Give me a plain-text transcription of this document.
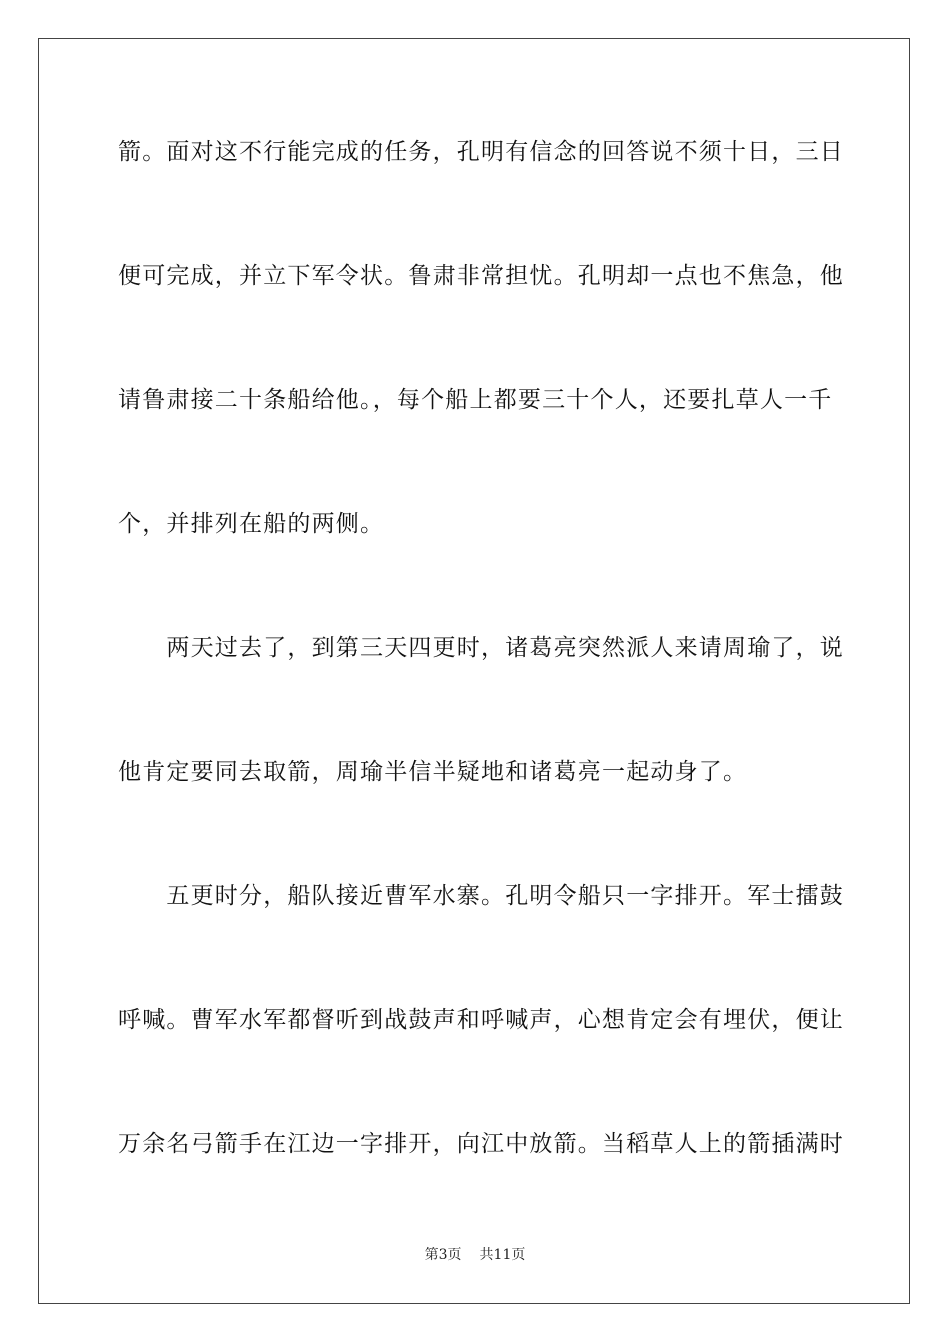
箭。面对这不行能完成的任务，孔明有信念的回答说不须十日，三日
便可完成，并立下军令状。鲁肃非常担忧。孔明却一点也不焦急，他
请鲁肃接二十条船给他。，每个船上都要三十个人，还要扎草人一千
个，并排列在船的两侧。
　　两天过去了，到第三天四更时，诸葛亮突然派人来请周瑜了，说
他肯定要同去取箭，周瑜半信半疑地和诸葛亮一起动身了。
　　五更时分，船队接近曹军水寨。孔明令船只一字排开。军士擂鼓
呼喊。曹军水军都督听到战鼓声和呼喊声，心想肯定会有埋伏，便让
万余名弓箭手在江边一字排开，向江中放箭。当稻草人上的箭插满时
第3页 共11页
